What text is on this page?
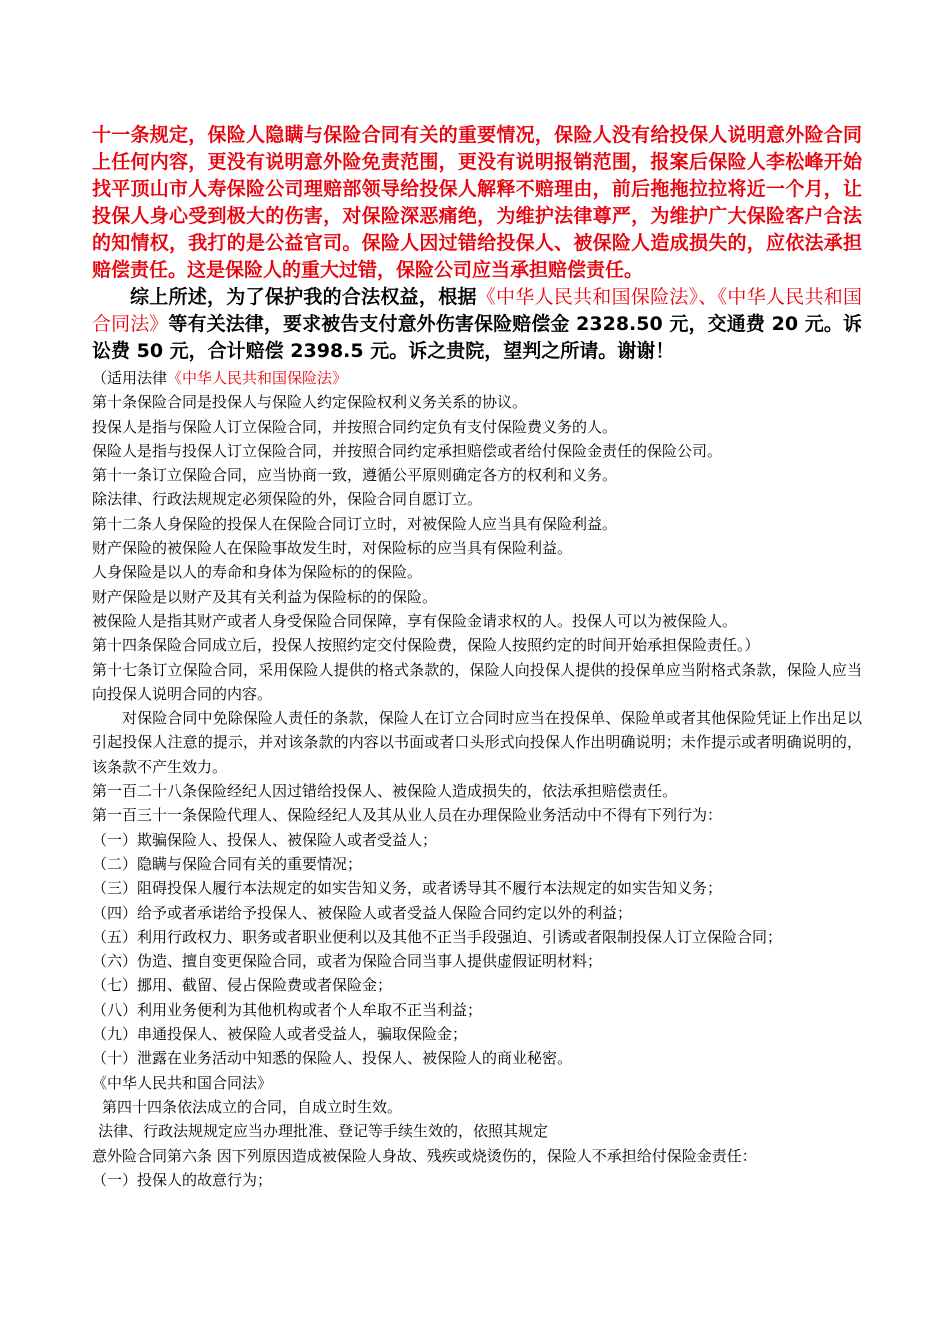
十一条规定，保险人隐瞒与保险合同有关的重要情况，保险人没有给投保人说明意外险合同上任何内容，更没有说明意外险免责范围，更没有说明报销范围，报案后保险人李松峰开始找平顶山市人寿保险公司理赔部领导给投保人解释不赔理由，前后拖拖拉拉将近一个月，让投保人身心受到极大的伤害，对保险深恶痛绝，为维护法律尊严，为维护广大保险客户合法的知情权，我打的是公益官司。保险人因过错给投保人、被保险人造成损失的，应依法承担赔偿责任。这是保险人的重大过错，保险公司应当承担赔偿责任。

综上所述，为了保护我的合法权益，根据《中华人民共和国保险法》、《中华人民共和国合同法》等有关法律，要求被告支付意外伤害保险赔偿金 2328.50 元，交通费 20 元。诉讼费 50 元，合计赔偿 2398.5 元。诉之贵院，望判之所请。谢谢！

（适用法律《中华人民共和国保险法》

第十条保险合同是投保人与保险人约定保险权利义务关系的协议。

投保人是指与保险人订立保险合同，并按照合同约定负有支付保险费义务的人。

保险人是指与投保人订立保险合同，并按照合同约定承担赔偿或者给付保险金责任的保险公司。

第十一条订立保险合同，应当协商一致，遵循公平原则确定各方的权利和义务。

除法律、行政法规规定必须保险的外，保险合同自愿订立。

第十二条人身保险的投保人在保险合同订立时，对被保险人应当具有保险利益。

财产保险的被保险人在保险事故发生时，对保险标的应当具有保险利益。

人身保险是以人的寿命和身体为保险标的的保险。

财产保险是以财产及其有关利益为保险标的的保险。

被保险人是指其财产或者人身受保险合同保障，享有保险金请求权的人。投保人可以为被保险人。

第十四条保险合同成立后，投保人按照约定交付保险费，保险人按照约定的时间开始承担保险责任。）

第十七条订立保险合同，采用保险人提供的格式条款的，保险人向投保人提供的投保单应当附格式条款，保险人应当向投保人说明合同的内容。

对保险合同中免除保险人责任的条款，保险人在订立合同时应当在投保单、保险单或者其他保险凭证上作出足以引起投保人注意的提示，并对该条款的内容以书面或者口头形式向投保人作出明确说明；未作提示或者明确说明的，该条款不产生效力。

第一百二十八条保险经纪人因过错给投保人、被保险人造成损失的，依法承担赔偿责任。

第一百三十一条保险代理人、保险经纪人及其从业人员在办理保险业务活动中不得有下列行为：

（一）欺骗保险人、投保人、被保险人或者受益人；

（二）隐瞒与保险合同有关的重要情况；

（三）阻碍投保人履行本法规定的如实告知义务，或者诱导其不履行本法规定的如实告知义务；

（四）给予或者承诺给予投保人、被保险人或者受益人保险合同约定以外的利益；

（五）利用行政权力、职务或者职业便利以及其他不正当手段强迫、引诱或者限制投保人订立保险合同；

（六）伪造、擅自变更保险合同，或者为保险合同当事人提供虚假证明材料；

（七）挪用、截留、侵占保险费或者保险金；

（八）利用业务便利为其他机构或者个人牟取不正当利益；

（九）串通投保人、被保险人或者受益人，骗取保险金；

（十）泄露在业务活动中知悉的保险人、投保人、被保险人的商业秘密。

《中华人民共和国合同法》

第四十四条依法成立的合同，自成立时生效。

法律、行政法规规定应当办理批准、登记等手续生效的，依照其规定

意外险合同第六条 因下列原因造成被保险人身故、残疾或烧烫伤的，保险人不承担给付保险金责任：

（一）投保人的故意行为；
